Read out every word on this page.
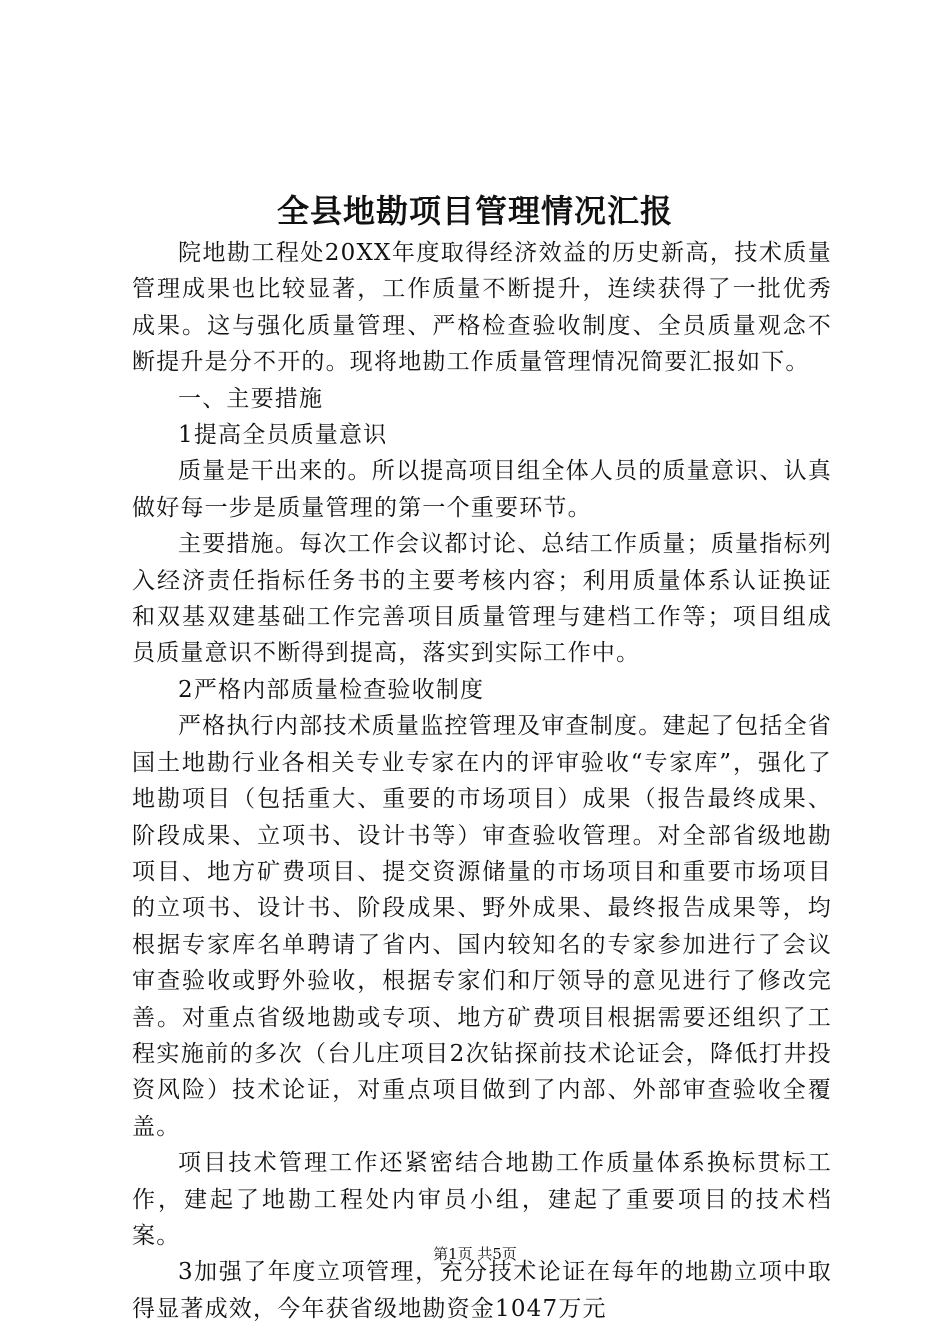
全县地勘项目管理情况汇报

院地勘工程处20XX年度取得经济效益的历史新高，技术质量管理成果也比较显著，工作质量不断提升，连续获得了一批优秀成果。这与强化质量管理、严格检查验收制度、全员质量观念不断提升是分不开的。现将地勘工作质量管理情况简要汇报如下。

一、主要措施

1提高全员质量意识

质量是干出来的。所以提高项目组全体人员的质量意识、认真做好每一步是质量管理的第一个重要环节。

主要措施。每次工作会议都讨论、总结工作质量；质量指标列入经济责任指标任务书的主要考核内容；利用质量体系认证换证和双基双建基础工作完善项目质量管理与建档工作等；项目组成员质量意识不断得到提高，落实到实际工作中。

2严格内部质量检查验收制度

严格执行内部技术质量监控管理及审查制度。建起了包括全省国土地勘行业各相关专业专家在内的评审验收“专家库”，强化了地勘项目（包括重大、重要的市场项目）成果（报告最终成果、阶段成果、立项书、设计书等）审查验收管理。对全部省级地勘项目、地方矿费项目、提交资源储量的市场项目和重要市场项目的立项书、设计书、阶段成果、野外成果、最终报告成果等，均根据专家库名单聘请了省内、国内较知名的专家参加进行了会议审查验收或野外验收，根据专家们和厅领导的意见进行了修改完善。对重点省级地勘或专项、地方矿费项目根据需要还组织了工程实施前的多次（台儿庄项目2次钻探前技术论证会，降低打井投资风险）技术论证，对重点项目做到了内部、外部审查验收全覆盖。

项目技术管理工作还紧密结合地勘工作质量体系换标贯标工作，建起了地勘工程处内审员小组，建起了重要项目的技术档案。

3加强了年度立项管理，充分技术论证在每年的地勘立项中取得显著成效，今年获省级地勘资金1047万元

第1页 共5页
